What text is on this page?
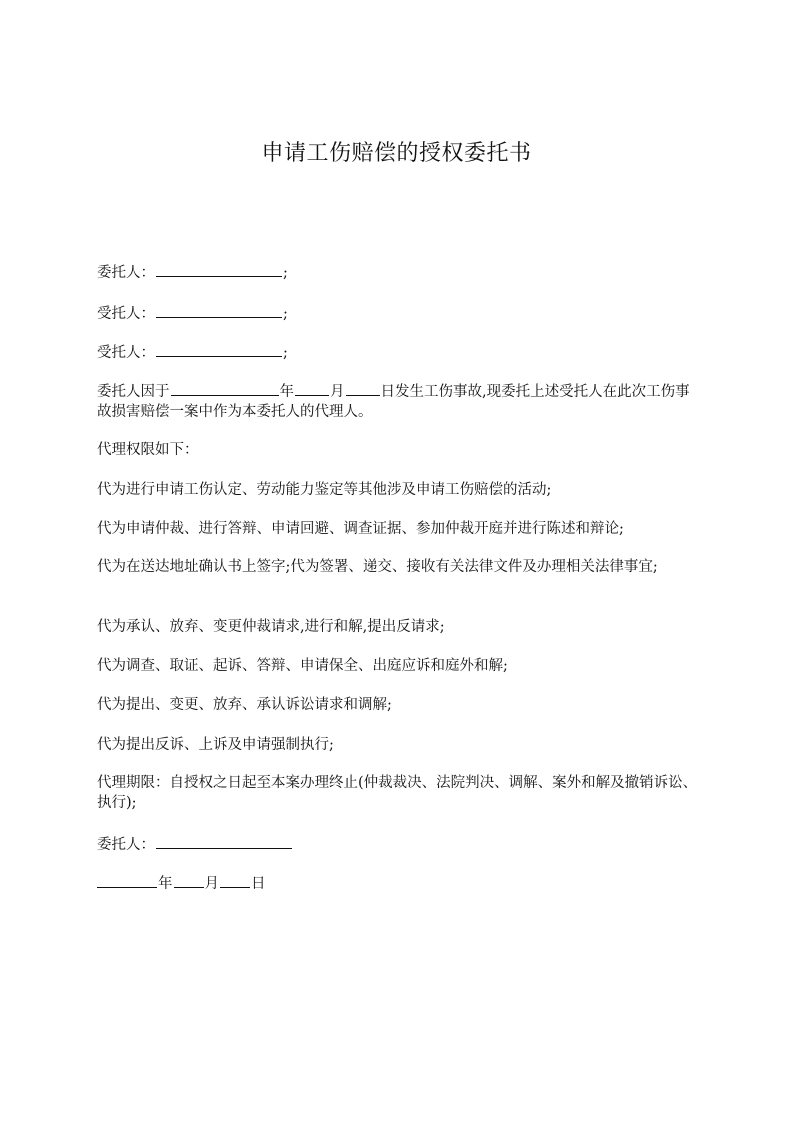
申请工伤赔偿的授权委托书
委托人：	;
受托人：	;
受托人：	;
委托人因于	年 月 日发生工伤事故,现委托上述受托人在此次工伤事故损害赔偿一案中作为本委托人的代理人。
代理权限如下：
代为进行申请工伤认定、劳动能力鉴定等其他涉及申请工伤赔偿的活动;
代为申请仲裁、进行答辩、申请回避、调查证据、参加仲裁开庭并进行陈述和辩论;
代为在送达地址确认书上签字;代为签署、递交、接收有关法律文件及办理相关法律事宜;
代为承认、放弃、变更仲裁请求,进行和解,提出反请求;
代为调查、取证、起诉、答辩、申请保全、出庭应诉和庭外和解;
代为提出、变更、放弃、承认诉讼请求和调解;
代为提出反诉、上诉及申请强制执行;
代理期限：自授权之日起至本案办理终止(仲裁裁决、法院判决、调解、案外和解及撤销诉讼、执行);
委托人：
年 月 日
